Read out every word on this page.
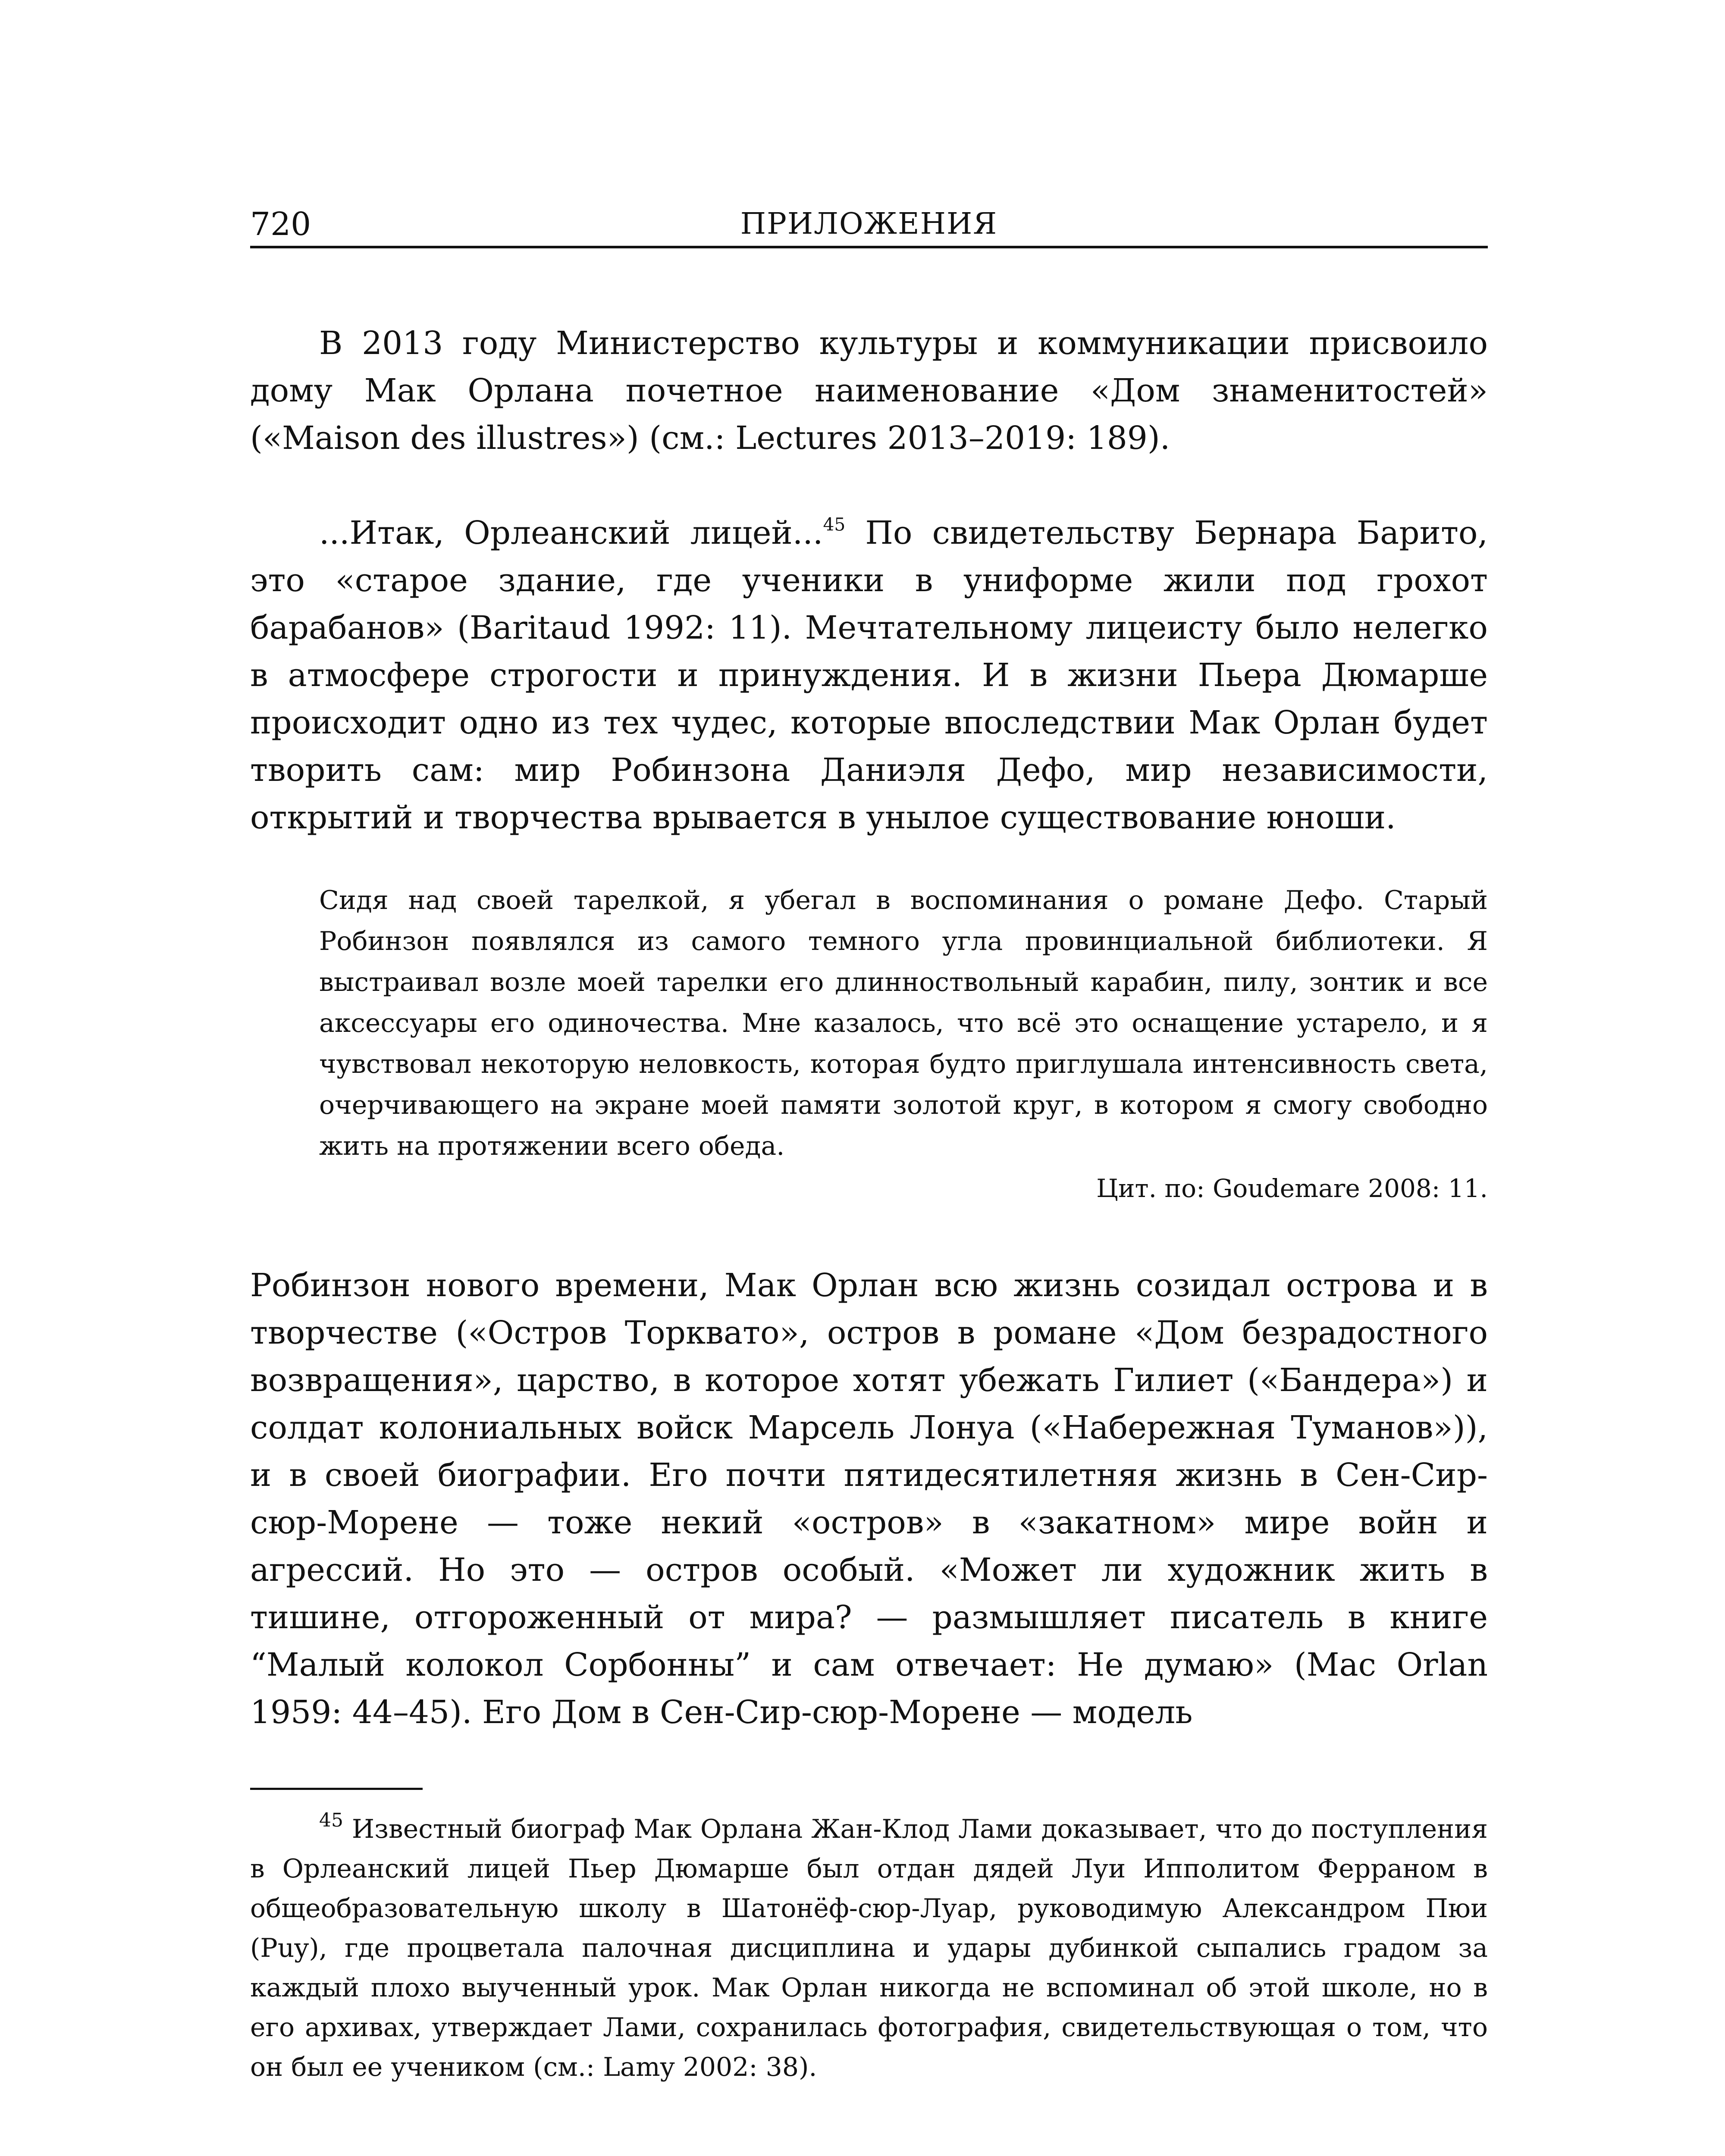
720	ПРИЛОЖЕНИЯ

В 2013 году Министерство культуры и коммуникации присвоило дому Мак Орлана почетное наименование «Дом знаменитостей» («Maison des illustres») (см.: Lectures 2013–2019: 189).

...Итак, Орлеанский лицей...$^{45}$ По свидетельству Бернара Барито, это «старое здание, где ученики в униформе жили под грохот барабанов» (Baritaud 1992: 11). Мечтательному лицеисту было нелегко в атмосфере строгости и принуждения. И в жизни Пьера Дюмарше происходит одно из тех чудес, которые впоследствии Мак Орлан будет творить сам: мир Робинзона Даниэля Дефо, мир независимости, открытий и творчества врывается в унылое существование юноши.

Сидя над своей тарелкой, я убегал в воспоминания о романе Дефо. Старый Робинзон появлялся из самого темного угла провинциальной библиотеки. Я выстраивал возле моей тарелки его длинноствольный карабин, пилу, зонтик и все аксессуары его одиночества. Мне казалось, что всё это оснащение устарело, и я чувствовал некоторую неловкость, которая будто приглушала интенсивность света, очерчивающего на экране моей памяти золотой круг, в котором я смогу свободно жить на протяжении всего обеда.
Цит. по: Goudemare 2008: 11.

Робинзон нового времени, Мак Орлан всю жизнь созидал острова и в творчестве («Остров Торквато», остров в романе «Дом безрадостного возвращения», царство, в которое хотят убежать Гилиет («Бандера») и солдат колониальных войск Марсель Лонуа («Набережная Туманов»)), и в своей биографии. Его почти пятидесятилетняя жизнь в Сен-Сир-сюр-Морене — тоже некий «остров» в «закатном» мире войн и агрессий. Но это — остров особый. «Может ли художник жить в тишине, отгороженный от мира? — размышляет писатель в книге “Малый колокол Сорбонны” и сам отвечает: Не думаю» (Mac Orlan 1959: 44–45). Его Дом в Сен-Сир-сюр-Морене — модель

$^{45}$ Известный биограф Мак Орлана Жан-Клод Лами доказывает, что до поступления в Орлеанский лицей Пьер Дюмарше был отдан дядей Луи Ипполитом Ферраном в общеобразовательную школу в Шатонёф-сюр-Луар, руководимую Александром Пюи (Puy), где процветала палочная дисциплина и удары дубинкой сыпались градом за каждый плохо выученный урок. Мак Орлан никогда не вспоминал об этой школе, но в его архивах, утверждает Лами, сохранилась фотография, свидетельствующая о том, что он был ее учеником (см.: Lamy 2002: 38).
